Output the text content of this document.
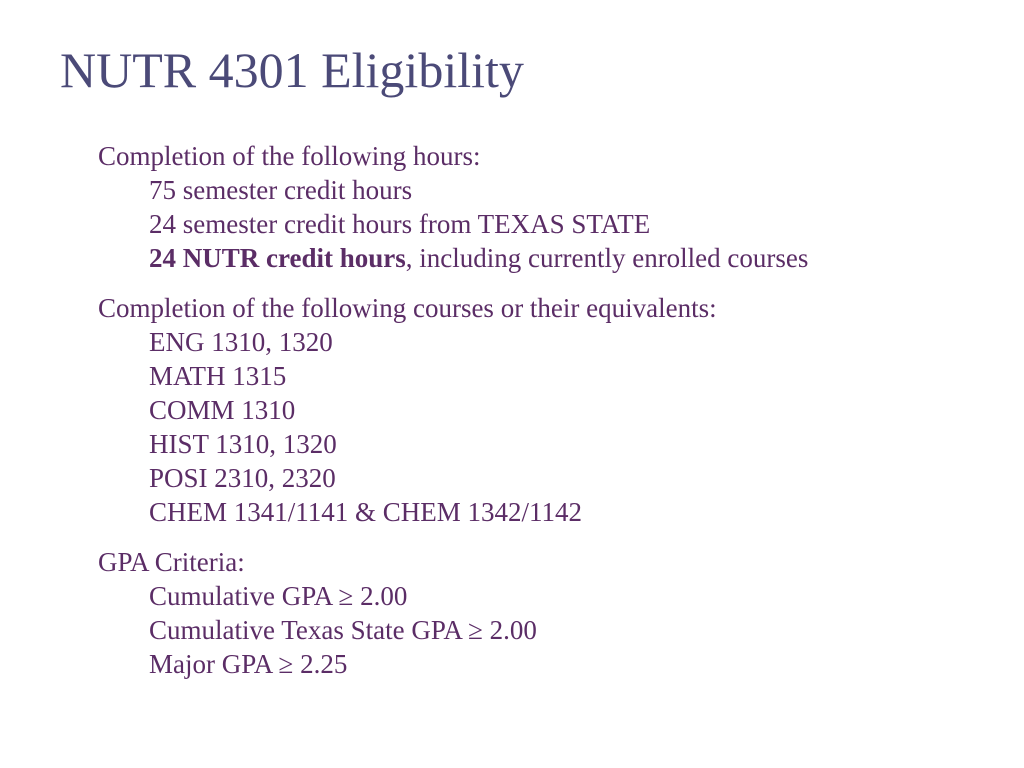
NUTR 4301 Eligibility
Completion of the following hours:
75 semester credit hours
24 semester credit hours from TEXAS STATE
24 NUTR credit hours, including currently enrolled courses
Completion of the following courses or their equivalents:
ENG 1310, 1320
MATH 1315
COMM 1310
HIST 1310, 1320
POSI 2310, 2320
CHEM 1341/1141 & CHEM 1342/1142
GPA Criteria:
Cumulative GPA ≥ 2.00
Cumulative Texas State GPA ≥ 2.00
Major GPA ≥ 2.25
